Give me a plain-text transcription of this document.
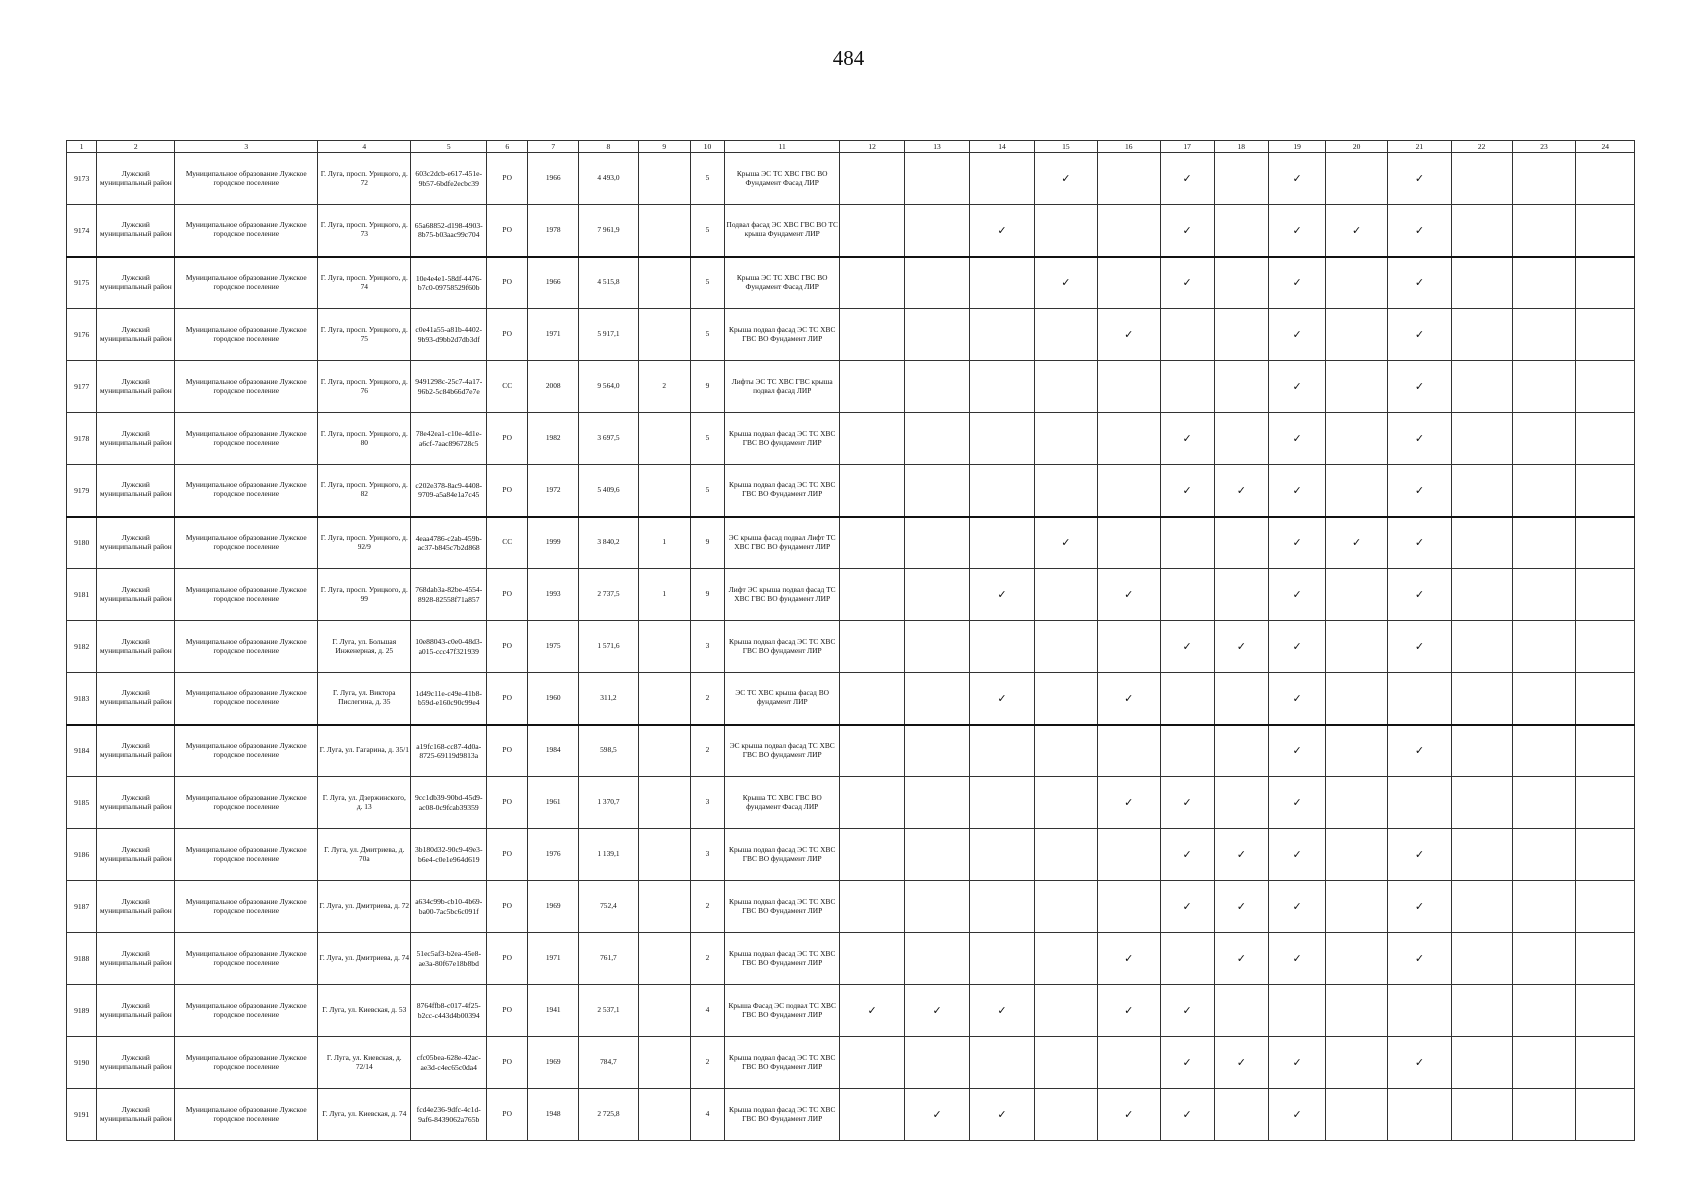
484
1	2	3	4	5	6	7	8	9	10	11	12	13	14	15	16	17	18	19	20	21	22	23	24
9173	Лужский муниципальный район	Муниципальное образование Лужское городское поселение	Г. Луга, просп. Урицкого, д. 72	603c2dcb-e617-451e-9b57-6bdfe2ecbc39	РО	1966	4 493,0		5	Крыша ЭС ТС ХВС ГВС ВО Фундамент Фасад ЛИР				✓		✓		✓		✓			
9174	Лужский муниципальный район	Муниципальное образование Лужское городское поселение	Г. Луга, просп. Урицкого, д. 73	65a68852-d198-4903-8b75-b03aac99c704	РО	1978	7 961,9		5	Подвал фасад ЭС ХВС ГВС ВО ТС крыша Фундамент ЛИР			✓			✓		✓	✓	✓			
9175	Лужский муниципальный район	Муниципальное образование Лужское городское поселение	Г. Луга, просп. Урицкого, д. 74	10e4e4e1-58df-4476-b7c0-09758529f60b	РО	1966	4 515,8		5	Крыша ЭС ТС ХВС ГВС ВО Фундамент Фасад ЛИР				✓		✓		✓		✓			
9176	Лужский муниципальный район	Муниципальное образование Лужское городское поселение	Г. Луга, просп. Урицкого, д. 75	c0e41a55-a81b-4402-9b93-d9bb2d7db3df	РО	1971	5 917,1		5	Крыша подвал фасад ЭС ТС ХВС ГВС ВО Фундамент ЛИР					✓			✓		✓			
9177	Лужский муниципальный район	Муниципальное образование Лужское городское поселение	Г. Луга, просп. Урицкого, д. 76	9491298c-25c7-4a17-96b2-5c84b66d7e7e	СС	2008	9 564,0	2	9	Лифты ЭС ТС ХВС ГВС крыша подвал фасад ЛИР								✓		✓			
9178	Лужский муниципальный район	Муниципальное образование Лужское городское поселение	Г. Луга, просп. Урицкого, д. 80	78e42ea1-c10e-4d1e-a6cf-7aac896728c5	РО	1982	3 697,5		5	Крыша подвал фасад ЭС ТС ХВС ГВС ВО фундамент ЛИР						✓		✓		✓			
9179	Лужский муниципальный район	Муниципальное образование Лужское городское поселение	Г. Луга, просп. Урицкого, д. 82	c202e378-8ac9-4408-9709-a5a84e1a7c45	РО	1972	5 409,6		5	Крыша подвал фасад ЭС ТС ХВС ГВС ВО Фундамент ЛИР						✓	✓	✓		✓			
9180	Лужский муниципальный район	Муниципальное образование Лужское городское поселение	Г. Луга, просп. Урицкого, д. 92/9	4eaa4786-c2ab-459b-ac37-b845c7b2d868	СС	1999	3 840,2	1	9	ЭС крыша фасад подвал Лифт ТС ХВС ГВС ВО фундамент ЛИР				✓				✓	✓	✓			
9181	Лужский муниципальный район	Муниципальное образование Лужское городское поселение	Г. Луга, просп. Урицкого, д. 99	768dab3a-82be-4554-8928-82558f71a857	РО	1993	2 737,5	1	9	Лифт ЭС крыша подвал фасад ТС ХВС ГВС ВО фундамент ЛИР			✓		✓			✓		✓			
9182	Лужский муниципальный район	Муниципальное образование Лужское городское поселение	Г. Луга, ул. Большая Инженерная, д. 25	10e88043-c0e0-48d3-a015-ccc47f321939	РО	1975	1 571,6		3	Крыша подвал фасад ЭС ТС ХВС ГВС ВО фундамент ЛИР						✓	✓	✓		✓			
9183	Лужский муниципальный район	Муниципальное образование Лужское городское поселение	Г. Луга, ул. Виктора Пислегина, д. 35	1d49c11e-c49e-41b8-b59d-e160c90c99e4	РО	1960	311,2		2	ЭС ТС ХВС крыша фасад ВО фундамент ЛИР			✓		✓			✓					
9184	Лужский муниципальный район	Муниципальное образование Лужское городское поселение	Г. Луга, ул. Гагарина, д. 35/1	a19fc168-cc87-4d0a-8725-69119d9813a	РО	1984	598,5		2	ЭС крыша подвал фасад ТС ХВС ГВС ВО фундамент ЛИР								✓		✓			
9185	Лужский муниципальный район	Муниципальное образование Лужское городское поселение	Г. Луга, ул. Дзержинского, д. 13	9cc1db39-90bd-45d9-ac08-0c9fcab39359	РО	1961	1 370,7		3	Крыша ТС ХВС ГВС ВО фундамент Фасад ЛИР					✓	✓		✓					
9186	Лужский муниципальный район	Муниципальное образование Лужское городское поселение	Г. Луга, ул. Дмитриева, д. 70а	3b180d32-90c9-49e3-b6e4-c0e1e964d619	РО	1976	1 139,1		3	Крыша подвал фасад ЭС ТС ХВС ГВС ВО фундамент ЛИР						✓	✓	✓		✓			
9187	Лужский муниципальный район	Муниципальное образование Лужское городское поселение	Г. Луга, ул. Дмитриева, д. 72	a634c99b-cb10-4b69-ba00-7ac5bc6c091f	РО	1969	752,4		2	Крыша подвал фасад ЭС ТС ХВС ГВС ВО Фундамент ЛИР						✓	✓	✓		✓			
9188	Лужский муниципальный район	Муниципальное образование Лужское городское поселение	Г. Луга, ул. Дмитриева, д. 74	51ec5af3-b2ea-45e8-ae3a-80f67e18b8bd	РО	1971	761,7		2	Крыша подвал фасад ЭС ТС ХВС ГВС ВО Фундамент ЛИР					✓		✓	✓		✓			
9189	Лужский муниципальный район	Муниципальное образование Лужское городское поселение	Г. Луга, ул. Киевская, д. 53	8764ffb8-c017-4f25-b2cc-c443d4b00394	РО	1941	2 537,1		4	Крыша Фасад ЭС подвал ТС ХВС ГВС ВО Фундамент ЛИР	✓	✓	✓		✓	✓							
9190	Лужский муниципальный район	Муниципальное образование Лужское городское поселение	Г. Луга, ул. Киевская, д. 72/14	cfc05bea-628e-42ac-ae3d-c4ec65c0da4	РО	1969	784,7		2	Крыша подвал фасад ЭС ТС ХВС ГВС ВО Фундамент ЛИР						✓	✓	✓		✓			
9191	Лужский муниципальный район	Муниципальное образование Лужское городское поселение	Г. Луга, ул. Киевская, д. 74	fcd4e236-9dfc-4c1d-9af6-8439062a765b	РО	1948	2 725,8		4	Крыша подвал фасад ЭС ТС ХВС ГВС ВО Фундамент ЛИР		✓	✓		✓	✓		✓					
